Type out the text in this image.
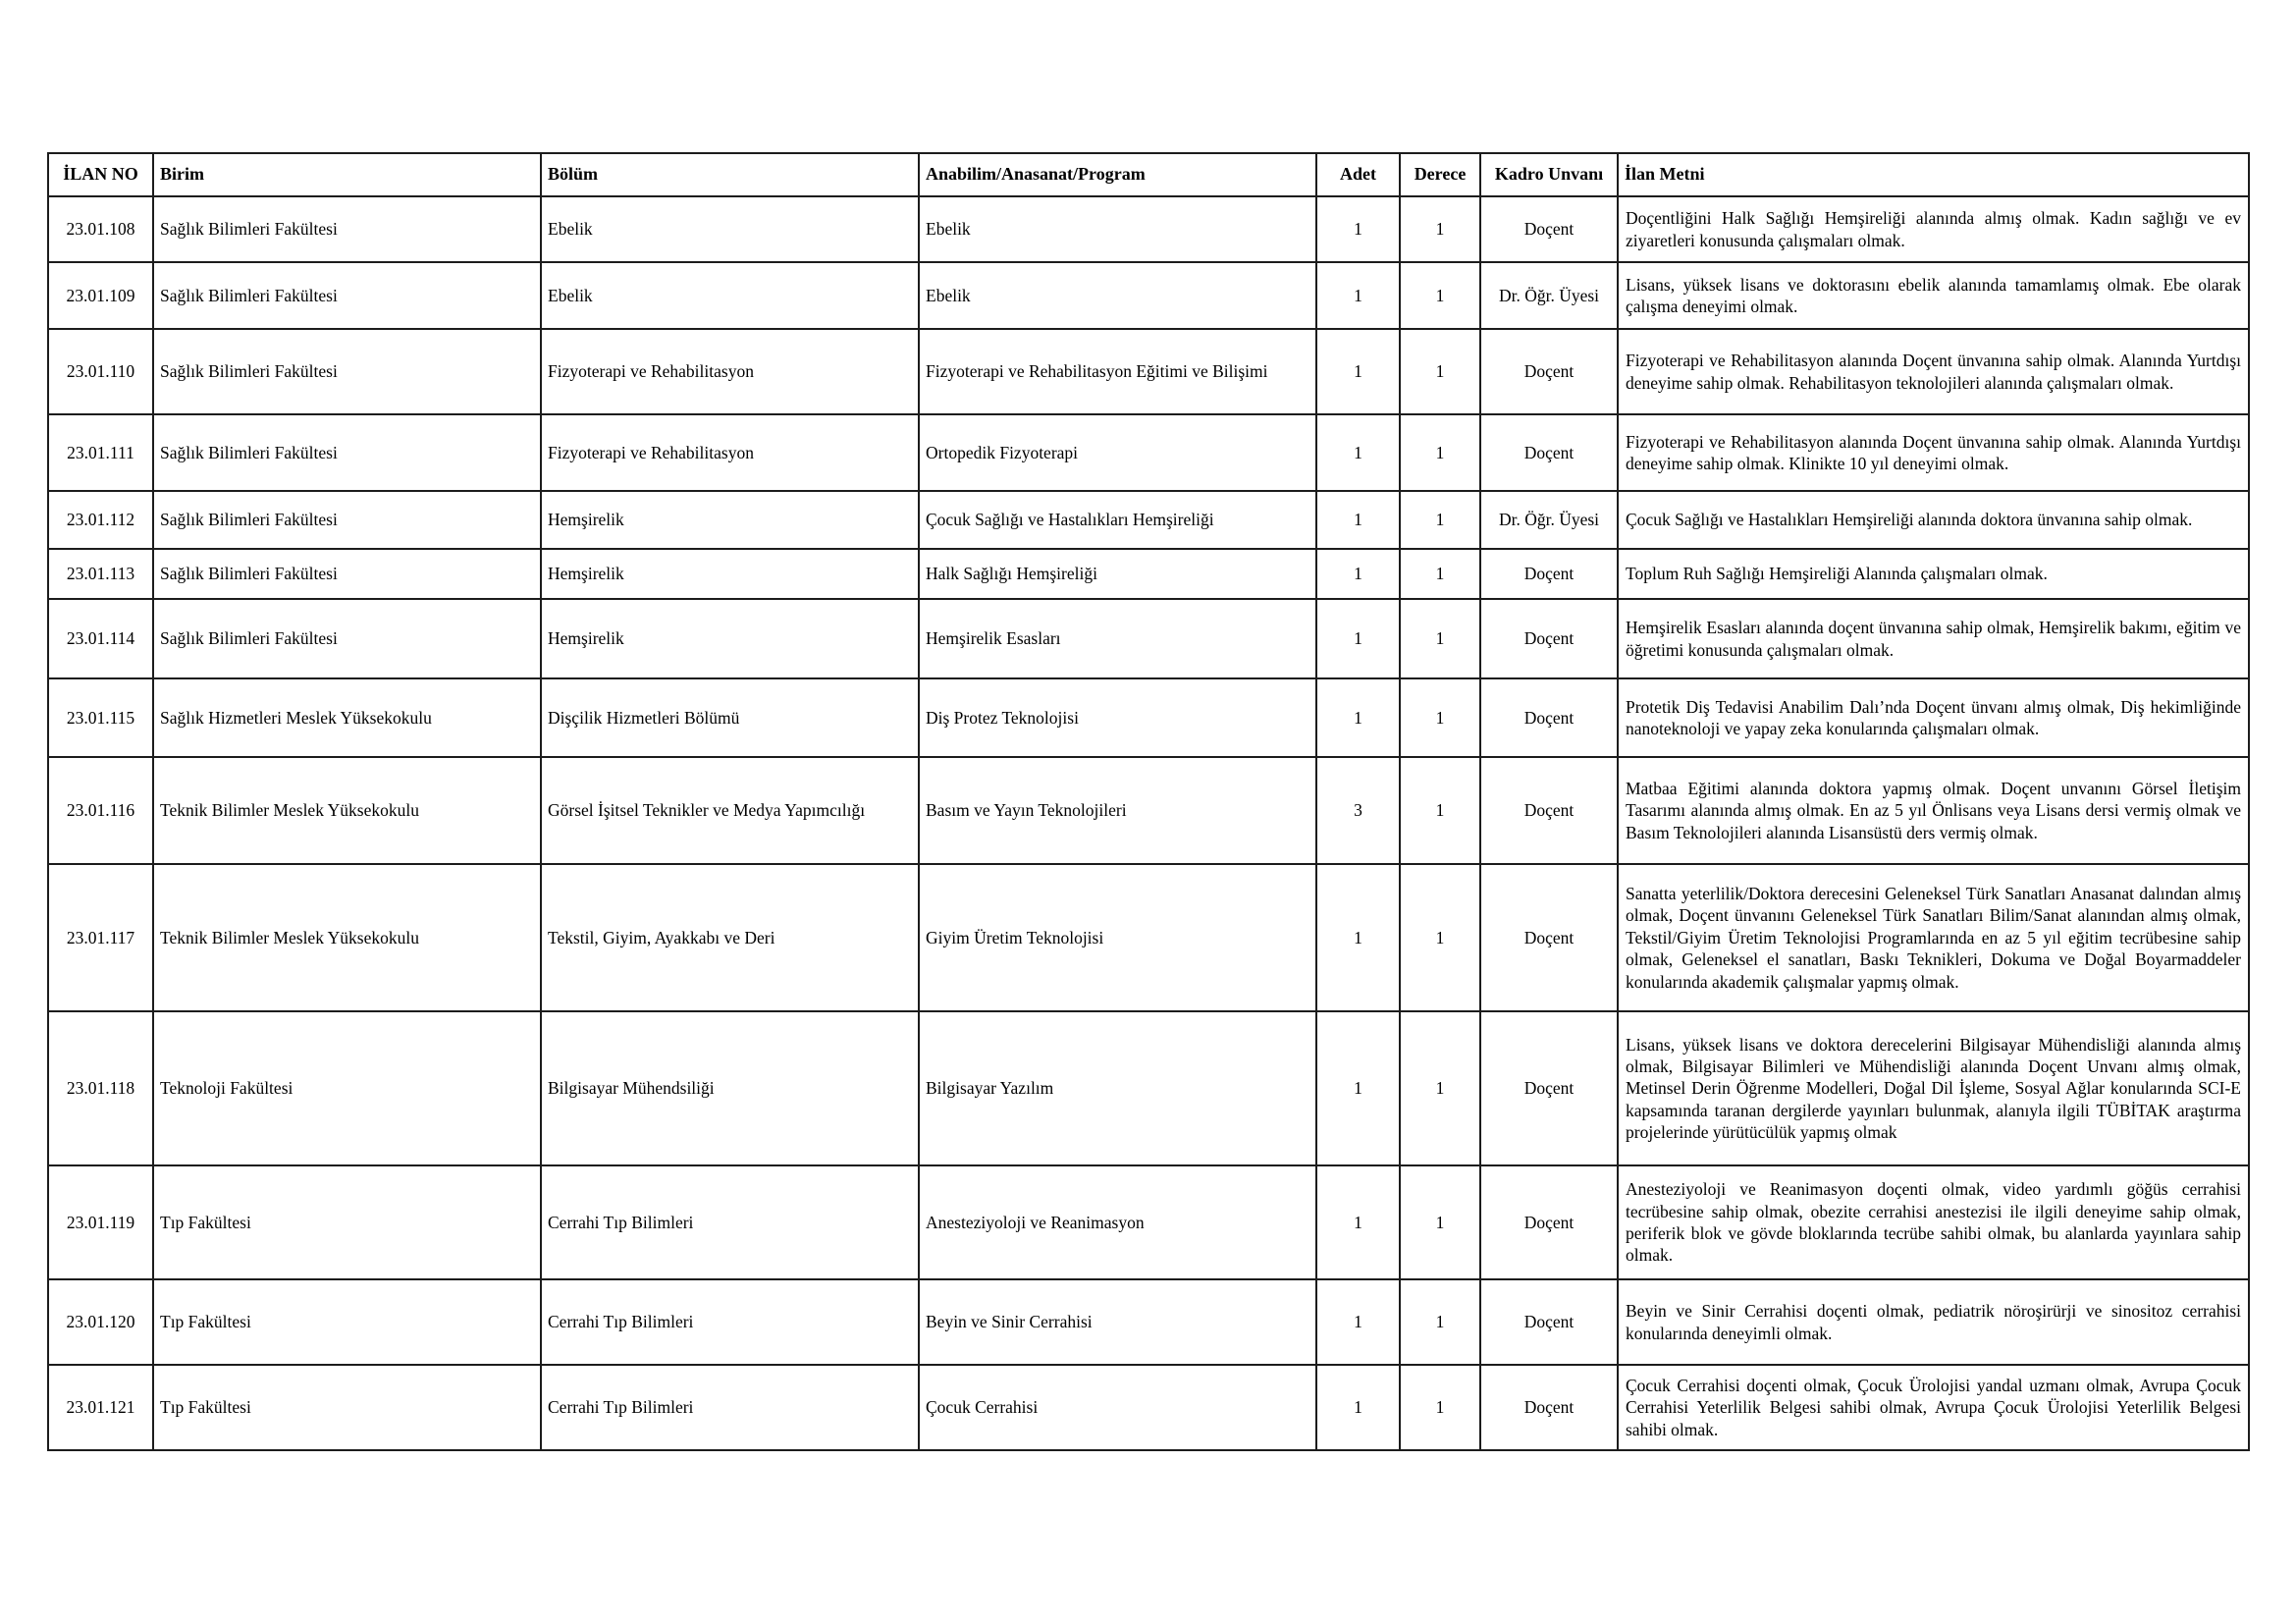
İLAN NO	Birim	Bölüm	Anabilim/Anasanat/Program	Adet	Derece	Kadro Unvanı	İlan Metni
23.01.108	Sağlık Bilimleri Fakültesi	Ebelik	Ebelik	1	1	Doçent	Doçentliğini Halk Sağlığı Hemşireliği alanında almış olmak. Kadın sağlığı ve ev ziyaretleri konusunda çalışmaları olmak.
23.01.109	Sağlık Bilimleri Fakültesi	Ebelik	Ebelik	1	1	Dr. Öğr. Üyesi	Lisans, yüksek lisans ve doktorasını ebelik alanında tamamlamış olmak. Ebe olarak çalışma deneyimi olmak.
23.01.110	Sağlık Bilimleri Fakültesi	Fizyoterapi ve Rehabilitasyon	Fizyoterapi ve Rehabilitasyon Eğitimi ve Bilişimi	1	1	Doçent	Fizyoterapi ve Rehabilitasyon alanında Doçent ünvanına sahip olmak. Alanında Yurtdışı deneyime sahip olmak. Rehabilitasyon teknolojileri alanında çalışmaları olmak.
23.01.111	Sağlık Bilimleri Fakültesi	Fizyoterapi ve Rehabilitasyon	Ortopedik Fizyoterapi	1	1	Doçent	Fizyoterapi ve Rehabilitasyon alanında Doçent ünvanına sahip olmak. Alanında Yurtdışı deneyime sahip olmak. Klinikte 10 yıl deneyimi olmak.
23.01.112	Sağlık Bilimleri Fakültesi	Hemşirelik	Çocuk Sağlığı ve Hastalıkları Hemşireliği	1	1	Dr. Öğr. Üyesi	Çocuk Sağlığı ve Hastalıkları Hemşireliği alanında doktora ünvanına sahip olmak.
23.01.113	Sağlık Bilimleri Fakültesi	Hemşirelik	Halk Sağlığı Hemşireliği	1	1	Doçent	Toplum Ruh Sağlığı Hemşireliği Alanında çalışmaları olmak.
23.01.114	Sağlık Bilimleri Fakültesi	Hemşirelik	Hemşirelik Esasları	1	1	Doçent	Hemşirelik Esasları alanında doçent ünvanına sahip olmak, Hemşirelik bakımı, eğitim ve öğretimi konusunda çalışmaları olmak.
23.01.115	Sağlık Hizmetleri Meslek Yüksekokulu	Dişçilik Hizmetleri Bölümü	Diş Protez Teknolojisi	1	1	Doçent	Protetik Diş Tedavisi Anabilim Dalı’nda Doçent ünvanı almış olmak, Diş hekimliğinde nanoteknoloji ve yapay zeka konularında çalışmaları olmak.
23.01.116	Teknik Bilimler Meslek Yüksekokulu	Görsel İşitsel Teknikler ve Medya Yapımcılığı	Basım ve Yayın Teknolojileri	3	1	Doçent	Matbaa Eğitimi alanında doktora yapmış olmak. Doçent unvanını Görsel İletişim Tasarımı alanında almış olmak. En az 5 yıl Önlisans veya Lisans dersi vermiş olmak ve Basım Teknolojileri alanında Lisansüstü ders vermiş olmak.
23.01.117	Teknik Bilimler Meslek Yüksekokulu	Tekstil, Giyim, Ayakkabı ve Deri	Giyim Üretim Teknolojisi	1	1	Doçent	Sanatta yeterlilik/Doktora derecesini Geleneksel Türk Sanatları Anasanat dalından almış olmak, Doçent ünvanını Geleneksel Türk Sanatları Bilim/Sanat alanından almış olmak, Tekstil/Giyim Üretim Teknolojisi Programlarında en az 5 yıl eğitim tecrübesine sahip olmak, Geleneksel el sanatları, Baskı Teknikleri, Dokuma ve Doğal Boyarmaddeler konularında akademik çalışmalar yapmış olmak.
23.01.118	Teknoloji Fakültesi	Bilgisayar Mühendsiliği	Bilgisayar Yazılım	1	1	Doçent	Lisans, yüksek lisans ve doktora derecelerini Bilgisayar Mühendisliği alanında almış olmak, Bilgisayar Bilimleri ve Mühendisliği alanında Doçent Unvanı almış olmak, Metinsel Derin Öğrenme Modelleri, Doğal Dil İşleme, Sosyal Ağlar konularında SCI-E kapsamında taranan dergilerde yayınları bulunmak, alanıyla ilgili TÜBİTAK araştırma projelerinde yürütücülük yapmış olmak
23.01.119	Tıp Fakültesi	Cerrahi Tıp Bilimleri	Anesteziyoloji ve Reanimasyon	1	1	Doçent	Anesteziyoloji ve Reanimasyon doçenti olmak, video yardımlı göğüs cerrahisi tecrübesine sahip olmak, obezite cerrahisi anestezisi ile ilgili deneyime sahip olmak, periferik blok ve gövde bloklarında tecrübe sahibi olmak, bu alanlarda yayınlara sahip olmak.
23.01.120	Tıp Fakültesi	Cerrahi Tıp Bilimleri	Beyin ve Sinir Cerrahisi	1	1	Doçent	Beyin ve Sinir Cerrahisi doçenti olmak, pediatrik nöroşirürji ve sinositoz cerrahisi konularında deneyimli olmak.
23.01.121	Tıp Fakültesi	Cerrahi Tıp Bilimleri	Çocuk Cerrahisi	1	1	Doçent	Çocuk Cerrahisi doçenti olmak, Çocuk Ürolojisi yandal uzmanı olmak, Avrupa Çocuk Cerrahisi Yeterlilik Belgesi sahibi olmak, Avrupa Çocuk Ürolojisi Yeterlilik Belgesi sahibi olmak.
